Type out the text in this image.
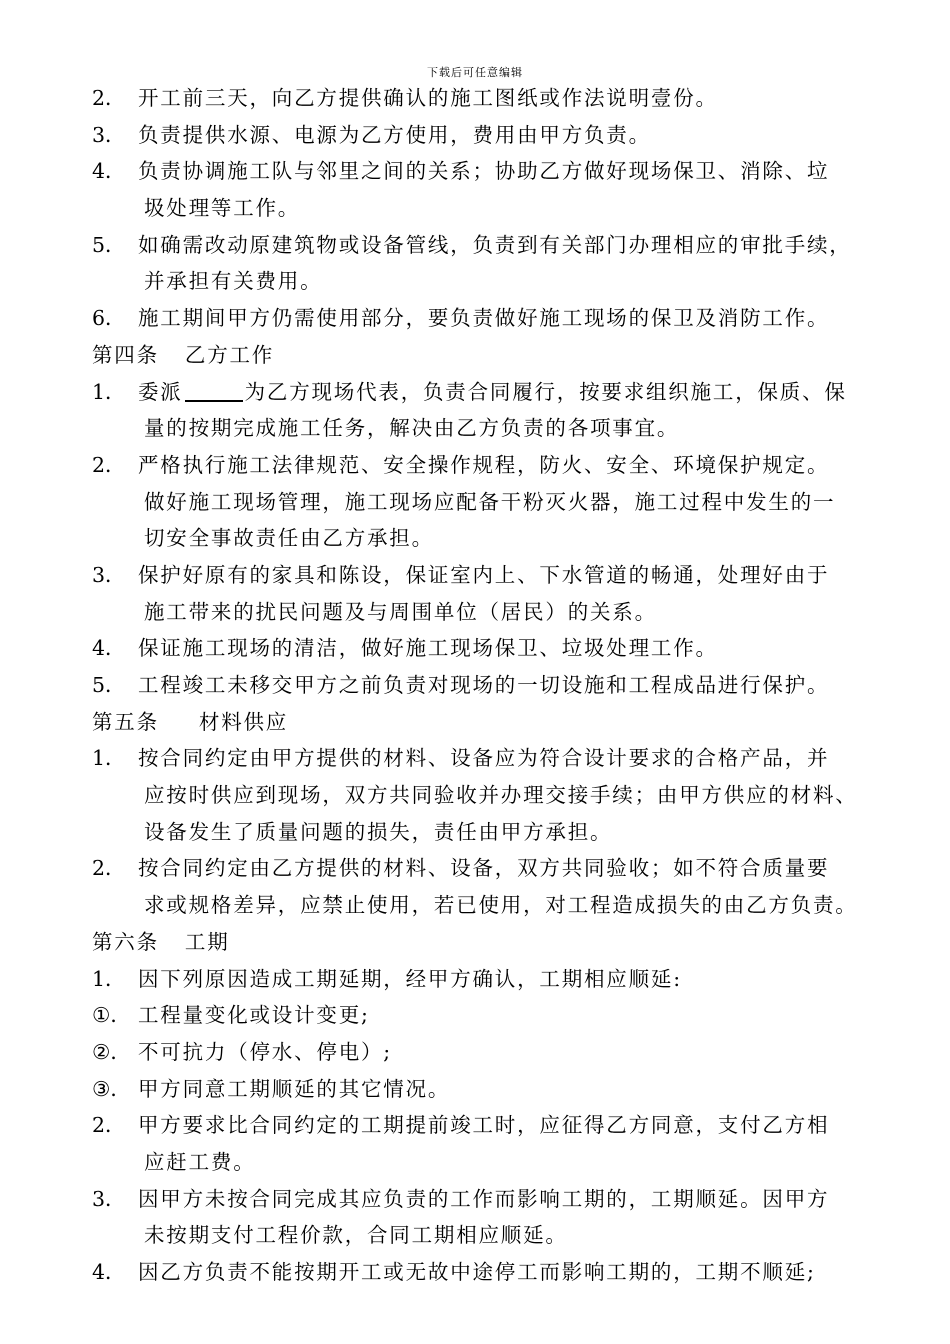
下载后可任意编辑
2． 开工前三天，向乙方提供确认的施工图纸或作法说明壹份。
3． 负责提供水源、电源为乙方使用，费用由甲方负责。
4． 负责协调施工队与邻里之间的关系；协助乙方做好现场保卫、消除、垃
圾处理等工作。
5． 如确需改动原建筑物或设备管线，负责到有关部门办理相应的审批手续，
并承担有关费用。
6． 施工期间甲方仍需使用部分，要负责做好施工现场的保卫及消防工作。
第四条 乙方工作
1． 委派	为乙方现场代表，负责合同履行，按要求组织施工，保质、保
量的按期完成施工任务，解决由乙方负责的各项事宜。
2． 严格执行施工法律规范、安全操作规程，防火、安全、环境保护规定。
做好施工现场管理，施工现场应配备干粉灭火器，施工过程中发生的一
切安全事故责任由乙方承担。
3． 保护好原有的家具和陈设，保证室内上、下水管道的畅通，处理好由于
施工带来的扰民问题及与周围单位（居民）的关系。
4． 保证施工现场的清洁，做好施工现场保卫、垃圾处理工作。
5． 工程竣工未移交甲方之前负责对现场的一切设施和工程成品进行保护。
第五条 材料供应
1． 按合同约定由甲方提供的材料、设备应为符合设计要求的合格产品，并
应按时供应到现场，双方共同验收并办理交接手续；由甲方供应的材料、
设备发生了质量问题的损失，责任由甲方承担。
2． 按合同约定由乙方提供的材料、设备，双方共同验收；如不符合质量要
求或规格差异，应禁止使用，若已使用，对工程造成损失的由乙方负责。
第六条 工期
1． 因下列原因造成工期延期，经甲方确认，工期相应顺延:
①． 工程量变化或设计变更;
②． 不可抗力（停水、停电）;
③． 甲方同意工期顺延的其它情况。
2． 甲方要求比合同约定的工期提前竣工时，应征得乙方同意，支付乙方相
应赶工费。
3． 因甲方未按合同完成其应负责的工作而影响工期的，工期顺延。因甲方
未按期支付工程价款，合同工期相应顺延。
4． 因乙方负责不能按期开工或无故中途停工而影响工期的，工期不顺延;
